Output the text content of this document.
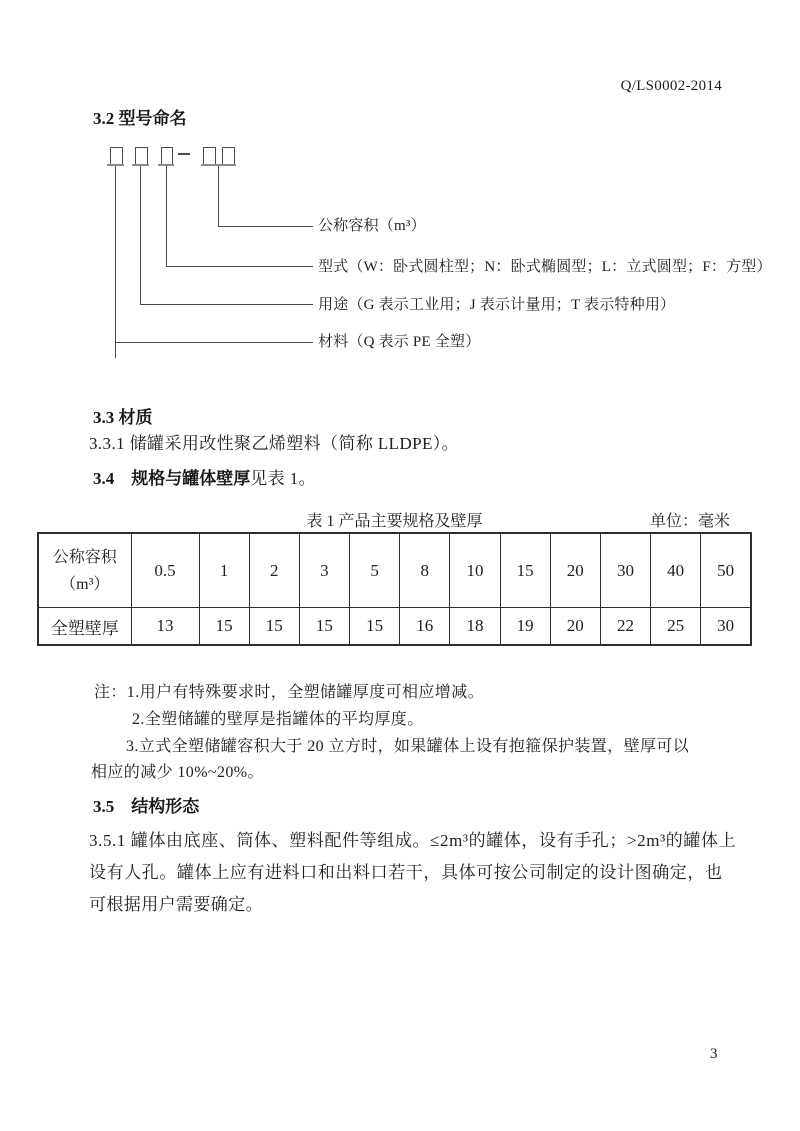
Q/LS0002-2014
3.2 型号命名
公称容积（m³）
型式（W：卧式圆柱型；N：卧式椭圆型；L：立式圆型；F：方型）
用途（G 表示工业用；J 表示计量用；T 表示特种用）
材料（Q 表示 PE 全塑）
3.3 材质
3.3.1 储罐采用改性聚乙烯塑料（简称 LLDPE）。
3.4　规格与罐体壁厚见表 1。
表 1 产品主要规格及壁厚	单位：毫米
公称容积
（m³）	0.5	1	2	3	5	8	10	15	20	30	40	50
全塑壁厚	13	15	15	15	15	16	18	19	20	22	25	30
注：1.用户有特殊要求时，全塑储罐厚度可相应增减。
2.全塑储罐的壁厚是指罐体的平均厚度。
3.立式全塑储罐容积大于 20 立方时，如果罐体上设有抱箍保护装置，壁厚可以
相应的减少 10%~20%。
3.5　结构形态
3.5.1 罐体由底座、筒体、塑料配件等组成。≤2m³的罐体，设有手孔；>2m³的罐体上
设有人孔。罐体上应有进料口和出料口若干，具体可按公司制定的设计图确定，也
可根据用户需要确定。
3
